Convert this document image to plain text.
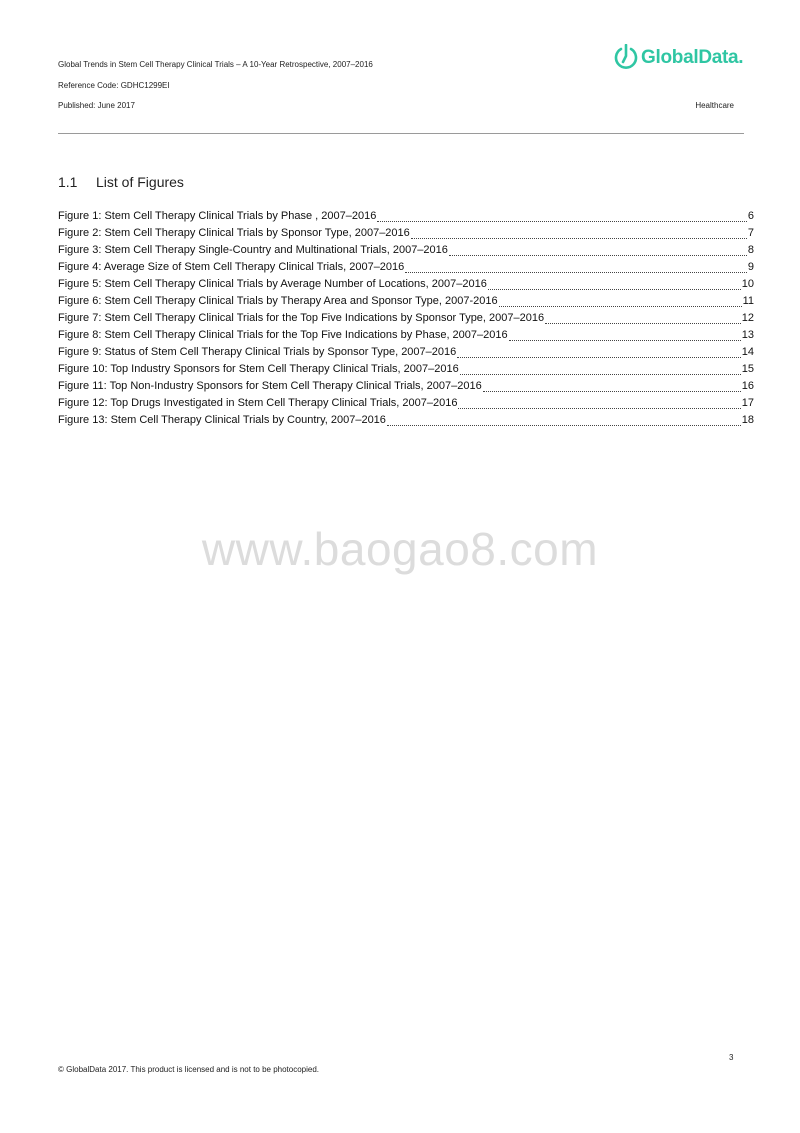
Global Trends in Stem Cell Therapy Clinical Trials – A 10-Year Retrospective, 2007–2016
Reference Code: GDHC1299EI
Published: June 2017	Healthcare
GlobalData.
1.1 List of Figures
Figure 1: Stem Cell Therapy Clinical Trials by Phase , 2007–2016	6
Figure 2: Stem Cell Therapy Clinical Trials by Sponsor Type, 2007–2016	7
Figure 3: Stem Cell Therapy Single-Country and Multinational Trials, 2007–2016	8
Figure 4: Average Size of Stem Cell Therapy Clinical Trials, 2007–2016	9
Figure 5: Stem Cell Therapy Clinical Trials by Average Number of Locations, 2007–2016	10
Figure 6: Stem Cell Therapy Clinical Trials by Therapy Area and Sponsor Type, 2007-2016	11
Figure 7: Stem Cell Therapy Clinical Trials for the Top Five Indications by Sponsor Type, 2007–2016	12
Figure 8: Stem Cell Therapy Clinical Trials for the Top Five Indications by Phase, 2007–2016	13
Figure 9: Status of Stem Cell Therapy Clinical Trials by Sponsor Type, 2007–2016	14
Figure 10: Top Industry Sponsors for Stem Cell Therapy Clinical Trials, 2007–2016	15
Figure 11: Top Non-Industry Sponsors for Stem Cell Therapy Clinical Trials, 2007–2016	16
Figure 12: Top Drugs Investigated in Stem Cell Therapy Clinical Trials, 2007–2016	17
Figure 13: Stem Cell Therapy Clinical Trials by Country, 2007–2016	18
www.baogao8.com
3
© GlobalData 2017. This product is licensed and is not to be photocopied.
